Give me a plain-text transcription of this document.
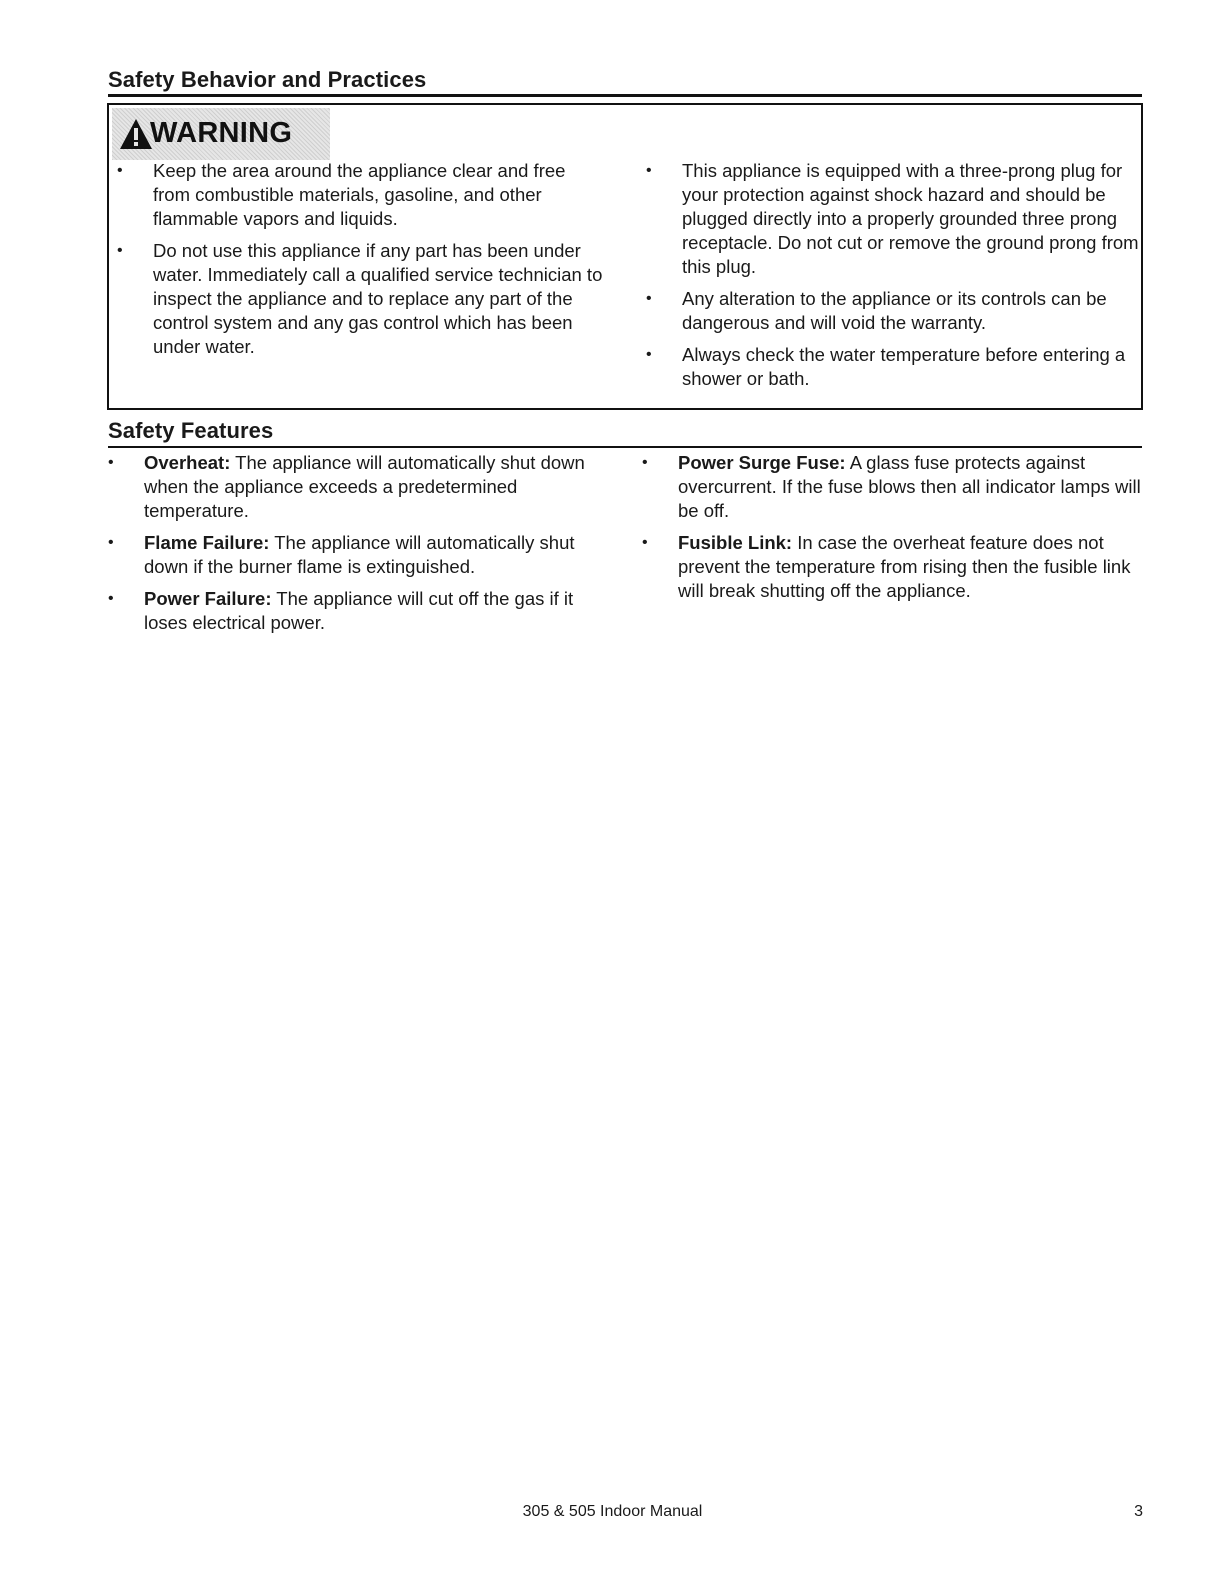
Safety Behavior and Practices
WARNING
•	Keep the area around the appliance clear and free from combustible materials, gasoline, and other flammable vapors and liquids.
•	Do not use this appliance if any part has been under water. Immediately call a qualified service technician to inspect the appliance and to replace any part of the control system and any gas control which has been under water.
•	This appliance is equipped with a three-prong plug for your protection against shock hazard and should be plugged directly into a properly grounded three prong receptacle. Do not cut or remove the ground prong from this plug.
•	Any alteration to the appliance or its controls can be dangerous and will void the warranty.
•	Always check the water temperature before entering a shower or bath.
Safety Features
•	Overheat: The appliance will automatically shut down when the appliance exceeds a predetermined temperature.
•	Flame Failure: The appliance will automatically shut down if the burner flame is extinguished.
•	Power Failure: The appliance will cut off the gas if it loses electrical power.
•	Power Surge Fuse: A glass fuse protects against overcurrent. If the fuse blows then all indicator lamps will be off.
•	Fusible Link: In case the overheat feature does not prevent the temperature from rising then the fusible link will break shutting off the appliance.
305 & 505 Indoor Manual	3
